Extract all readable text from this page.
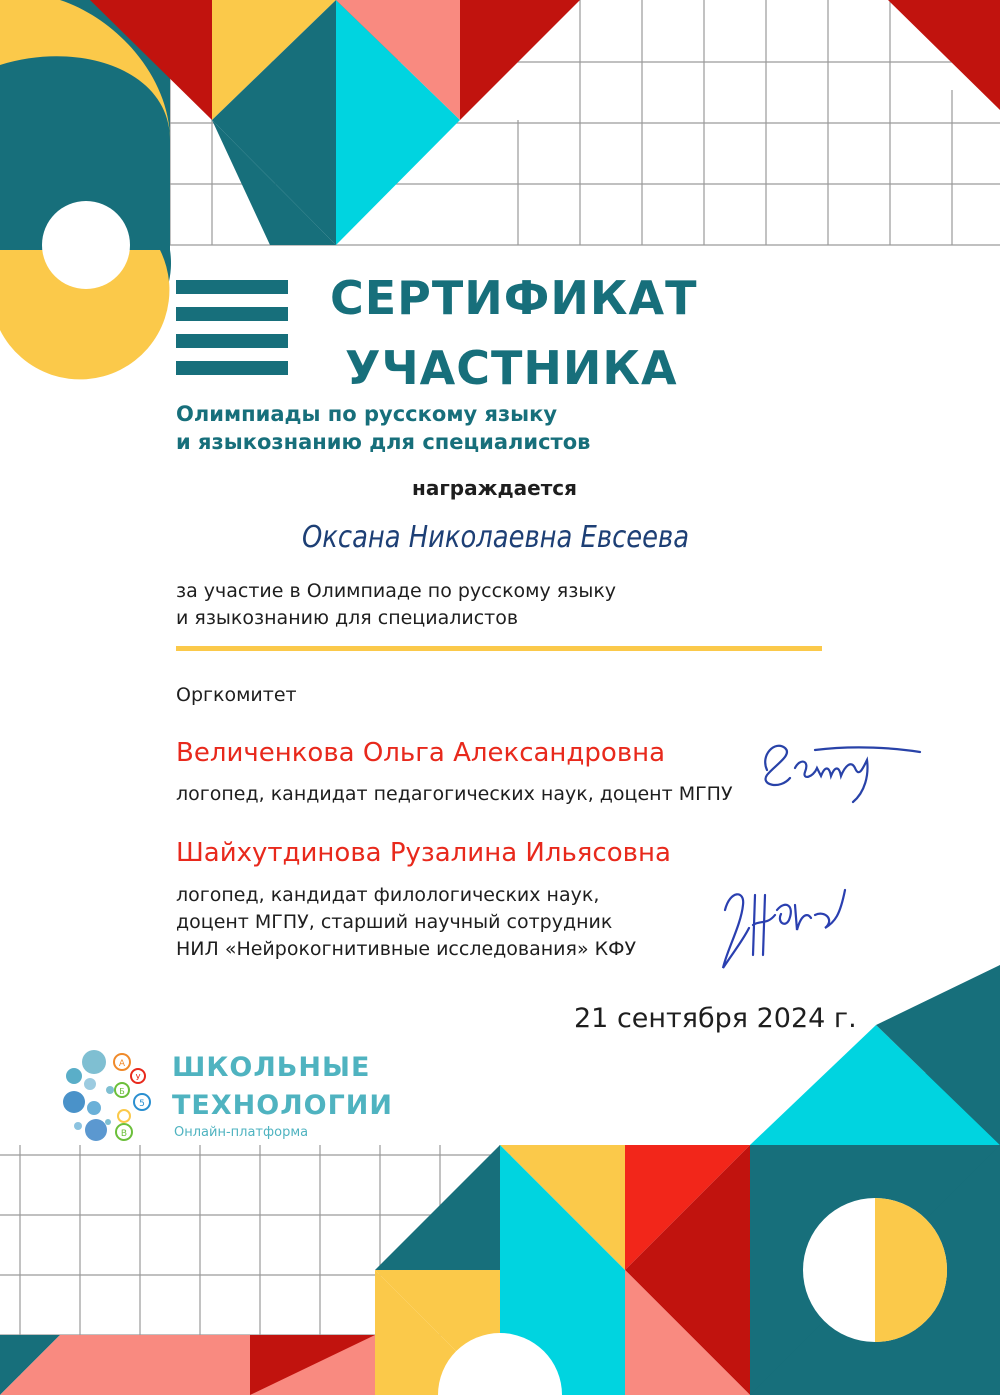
СЕРТИФИКАТ
УЧАСТНИКА
Олимпиады по русскому языку
и языкознанию для специалистов
награждается
Оксана Николаевна Евсеева
за участие в Олимпиаде по русскому языку
и языкознанию для специалистов
Оргкомитет
Величенкова Ольга Александровна
логопед, кандидат педагогических наук, доцент МГПУ
Шайхутдинова Рузалина Ильясовна
логопед, кандидат филологических наук,
доцент МГПУ, старший научный сотрудник
НИЛ «Нейрокогнитивные исследования» КФУ
21 сентября 2024 г.
А
Б
У
5
В
ШКОЛЬНЫЕ
ТЕХНОЛОГИИ
Онлайн-платформа
